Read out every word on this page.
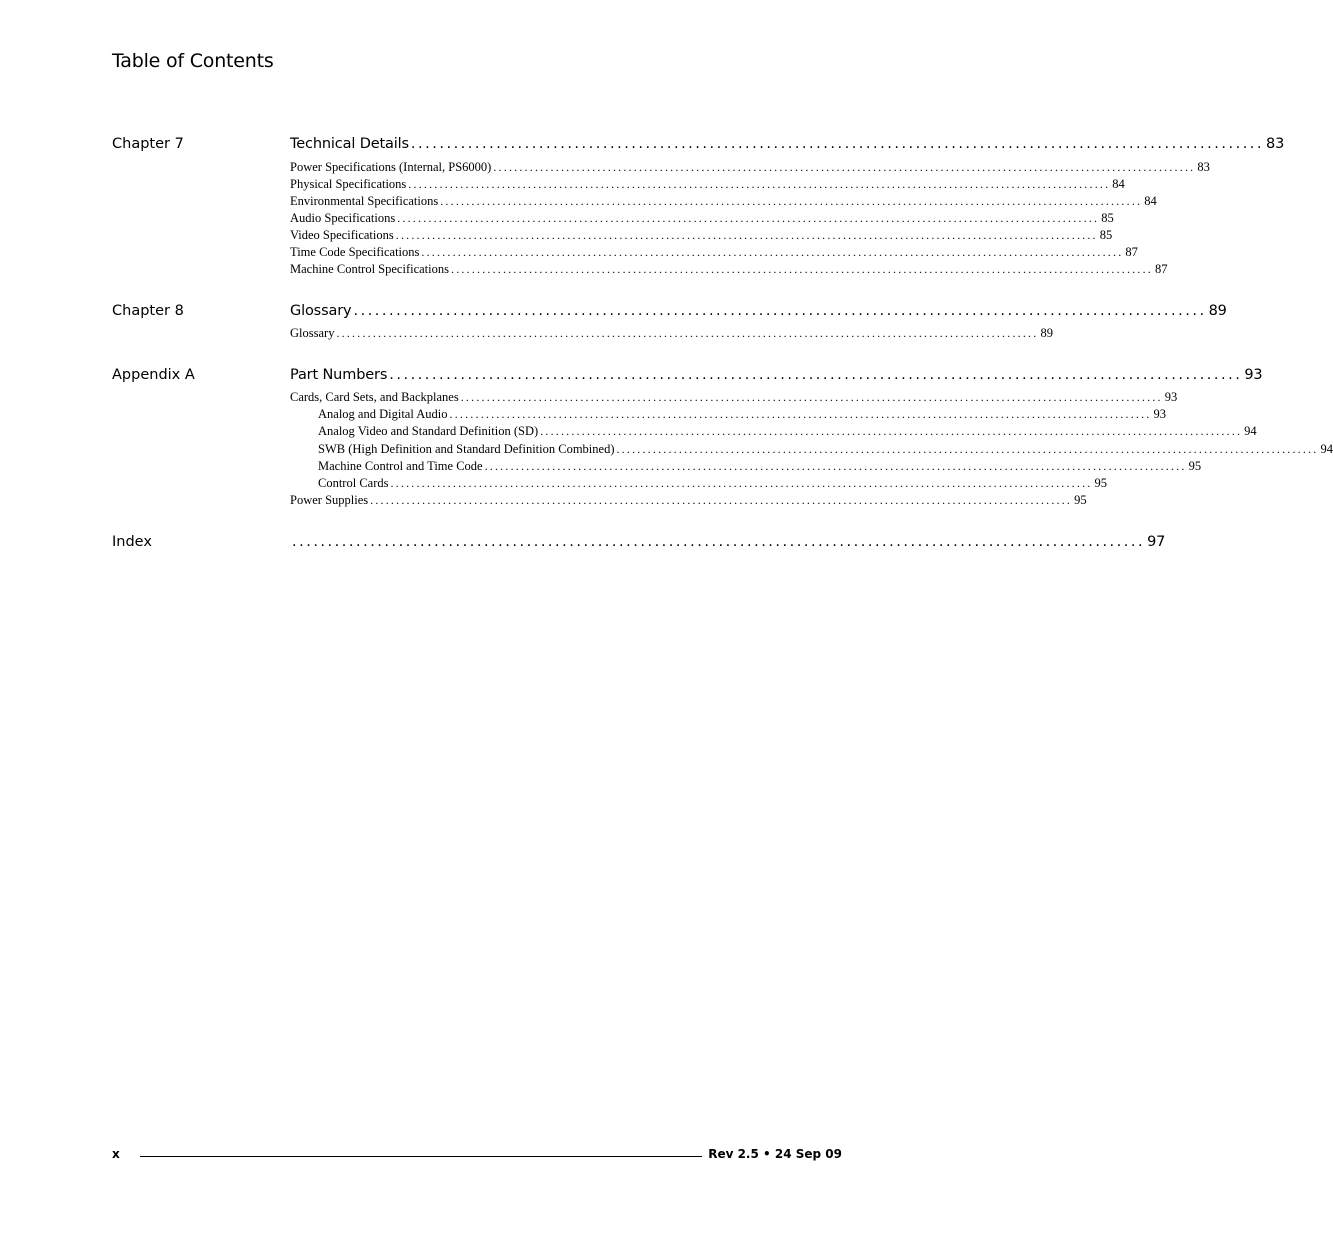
Table of Contents
Chapter 7	Technical Details ........................................................................................................................ 83
Power Specifications (Internal, PS6000) ....................................................................................................................................... 83
Physical Specifications ....................................................................................................................................... 84
Environmental Specifications ....................................................................................................................................... 84
Audio Specifications ....................................................................................................................................... 85
Video Specifications ....................................................................................................................................... 85
Time Code Specifications ....................................................................................................................................... 87
Machine Control Specifications ....................................................................................................................................... 87
Chapter 8	Glossary ........................................................................................................................ 89
Glossary ....................................................................................................................................... 89
Appendix A	Part Numbers ........................................................................................................................ 93
Cards, Card Sets, and Backplanes ....................................................................................................................................... 93
Analog and Digital Audio ....................................................................................................................................... 93
Analog Video and Standard Definition (SD) ....................................................................................................................................... 94
SWB (High Definition and Standard Definition Combined) ....................................................................................................................................... 94
Machine Control and Time Code ....................................................................................................................................... 95
Control Cards ....................................................................................................................................... 95
Power Supplies ....................................................................................................................................... 95
Index	........................................................................................................................ 97
x	Rev 2.5 • 24 Sep 09
